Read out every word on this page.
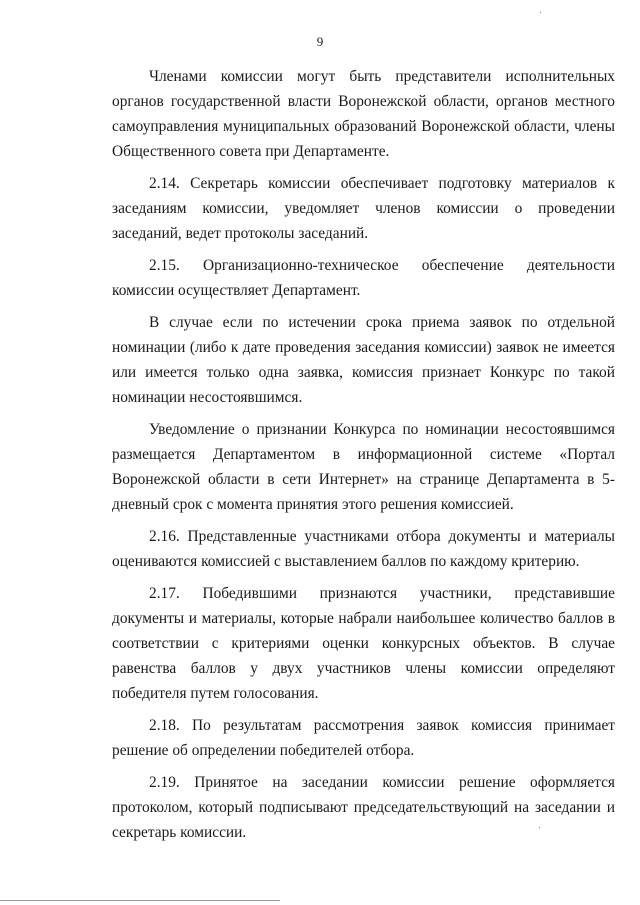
9

Членами комиссии могут быть представители исполнительных органов государственной власти Воронежской области, органов местного самоуправления муниципальных образований Воронежской области, члены Общественного совета при Департаменте.

2.14. Секретарь комиссии обеспечивает подготовку материалов к заседаниям комиссии, уведомляет членов комиссии о проведении заседаний, ведет протоколы заседаний.

2.15. Организационно-техническое обеспечение деятельности комиссии осуществляет Департамент.

В случае если по истечении срока приема заявок по отдельной номинации (либо к дате проведения заседания комиссии) заявок не имеется или имеется только одна заявка, комиссия признает Конкурс по такой номинации несостоявшимся.

Уведомление о признании Конкурса по номинации несостоявшимся размещается Департаментом в информационной системе «Портал Воронежской области в сети Интернет» на странице Департамента в 5-дневный срок с момента принятия этого решения комиссией.

2.16. Представленные участниками отбора документы и материалы оцениваются комиссией с выставлением баллов по каждому критерию.

2.17. Победившими признаются участники, представившие документы и материалы, которые набрали наибольшее количество баллов в соответствии с критериями оценки конкурсных объектов. В случае равенства баллов у двух участников члены комиссии определяют победителя путем голосования.

2.18. По результатам рассмотрения заявок комиссия принимает решение об определении победителей отбора.

2.19. Принятое на заседании комиссии решение оформляется протоколом, который подписывают председательствующий на заседании и секретарь комиссии.
